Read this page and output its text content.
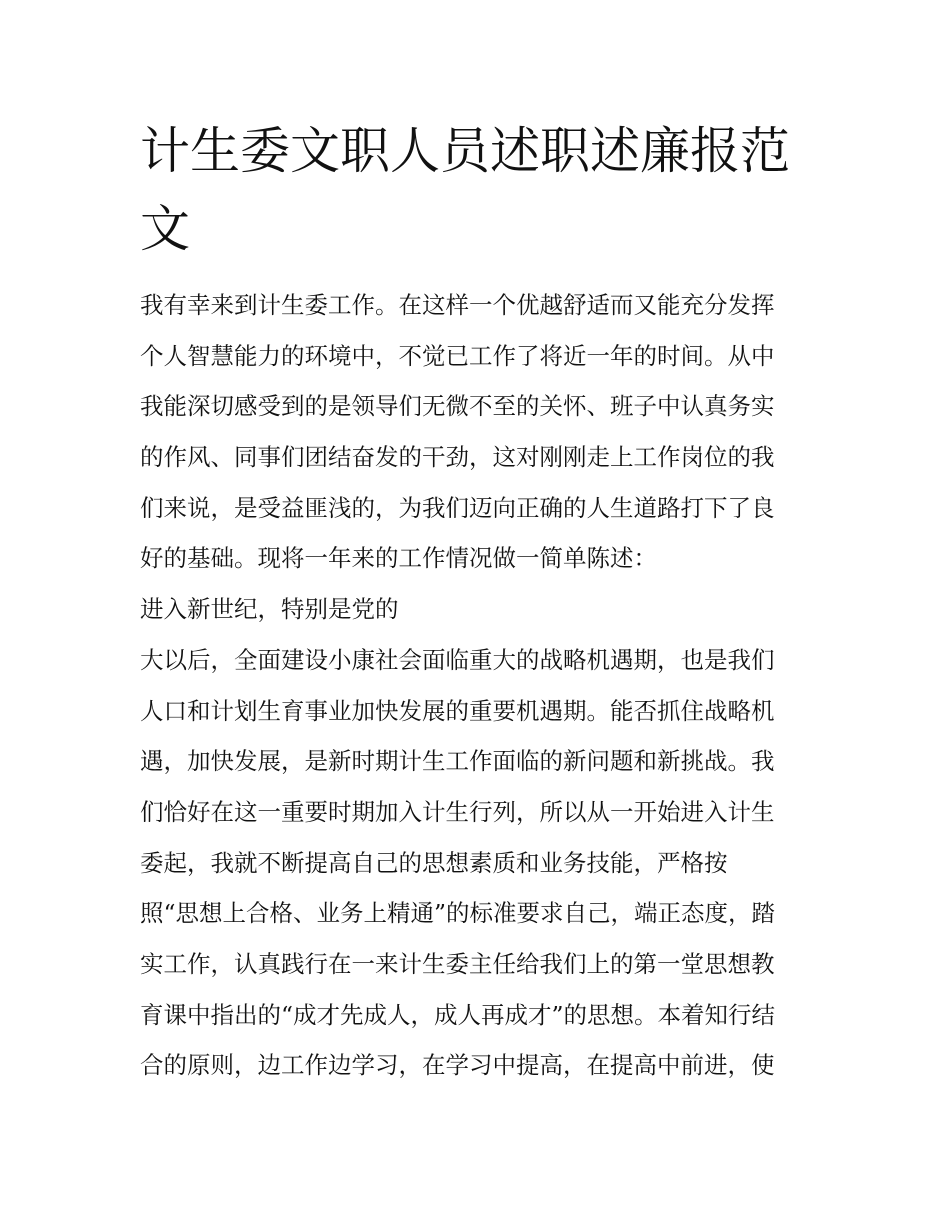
计生委文职人员述职述廉报范
文
我有幸来到计生委工作。在这样一个优越舒适而又能充分发挥
个人智慧能力的环境中，不觉已工作了将近一年的时间。从中
我能深切感受到的是领导们无微不至的关怀、班子中认真务实
的作风、同事们团结奋发的干劲，这对刚刚走上工作岗位的我
们来说，是受益匪浅的，为我们迈向正确的人生道路打下了良
好的基础。现将一年来的工作情况做一简单陈述：
进入新世纪，特别是党的
大以后，全面建设小康社会面临重大的战略机遇期，也是我们
人口和计划生育事业加快发展的重要机遇期。能否抓住战略机
遇，加快发展，是新时期计生工作面临的新问题和新挑战。我
们恰好在这一重要时期加入计生行列，所以从一开始进入计生
委起，我就不断提高自己的思想素质和业务技能，严格按
照“思想上合格、业务上精通”的标准要求自己，端正态度，踏
实工作，认真践行在一来计生委主任给我们上的第一堂思想教
育课中指出的“成才先成人，成人再成才”的思想。本着知行结
合的原则，边工作边学习，在学习中提高，在提高中前进，使
